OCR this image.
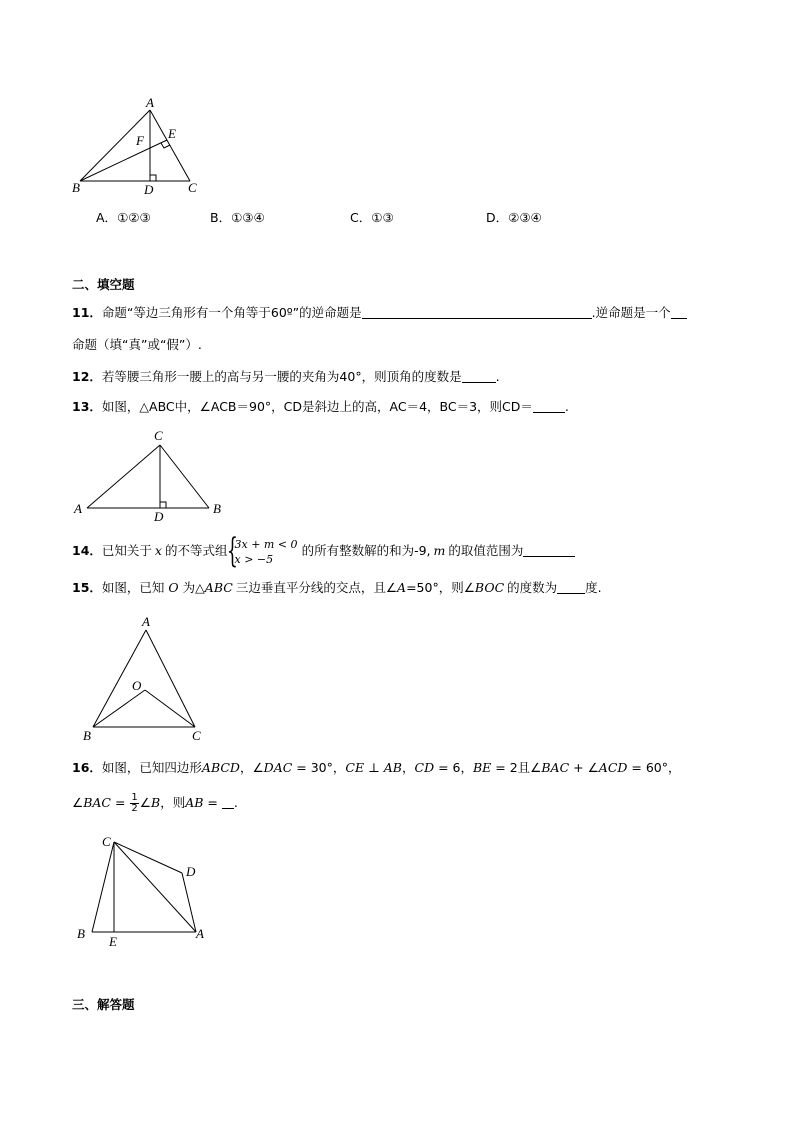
A
B	C
D
E
F
A．①②③	B．①③④	C．①③	D．②③④
二、填空题
11．命题“等边三角形有一个角等于60º”的逆命题是	.逆命题是一个
命题（填“真”或“假”）.
12．若等腰三角形一腰上的高与另一腰的夹角为40°，则顶角的度数是	.
13．如图，△ABC中，∠ACB＝90°，CD是斜边上的高，AC＝4，BC＝3，则CD＝	.
C
A	B
D
14．已知关于 x 的不等式组 {
3x + m < 0
x > −5
的所有整数解的和为-9, m 的取值范围为
15．如图，已知 O 为△ABC 三边垂直平分线的交点，且∠A=50°，则∠BOC 的度数为 度.
A
O
B	C
16．如图，已知四边形ABCD，∠DAC = 30°，CE ⊥ AB，CD = 6，BE = 2且∠BAC + ∠ACD = 60°，
∠BAC = $\frac{1}{2}$ ∠B，则AB = .
C
D
B	A
E
三、解答题
